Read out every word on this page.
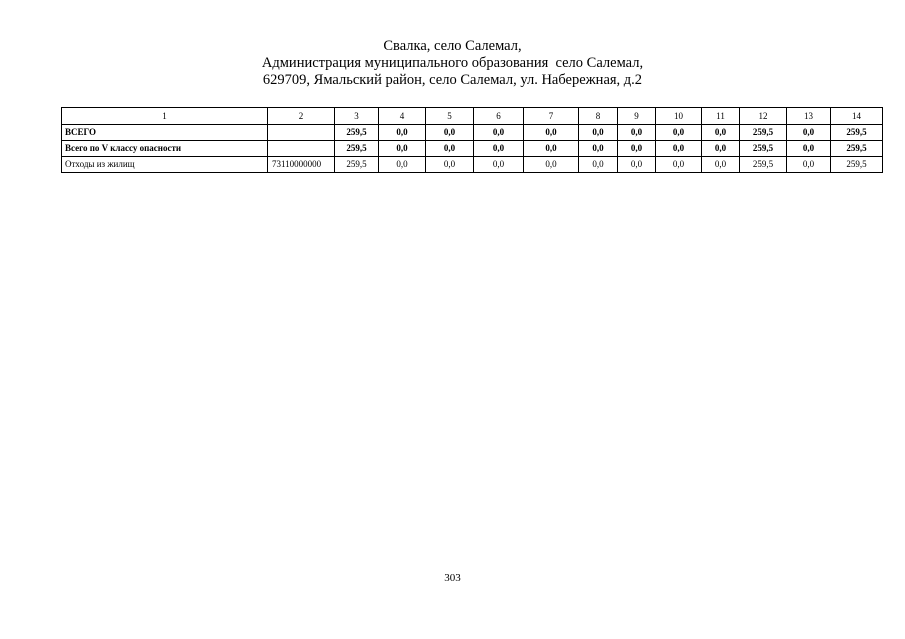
Свалка, село Салемал,
Администрация муниципального образования  село Салемал,
629709, Ямальский район, село Салемал, ул. Набережная, д.2
1	2	3	4	5	6	7	8	9	10	11	12	13	14
ВСЕГО		259,5	0,0	0,0	0,0	0,0	0,0	0,0	0,0	0,0	259,5	0,0	259,5
Всего по V классу опасности		259,5	0,0	0,0	0,0	0,0	0,0	0,0	0,0	0,0	259,5	0,0	259,5
Отходы из жилищ	73110000000	259,5	0,0	0,0	0,0	0,0	0,0	0,0	0,0	0,0	259,5	0,0	259,5
303
